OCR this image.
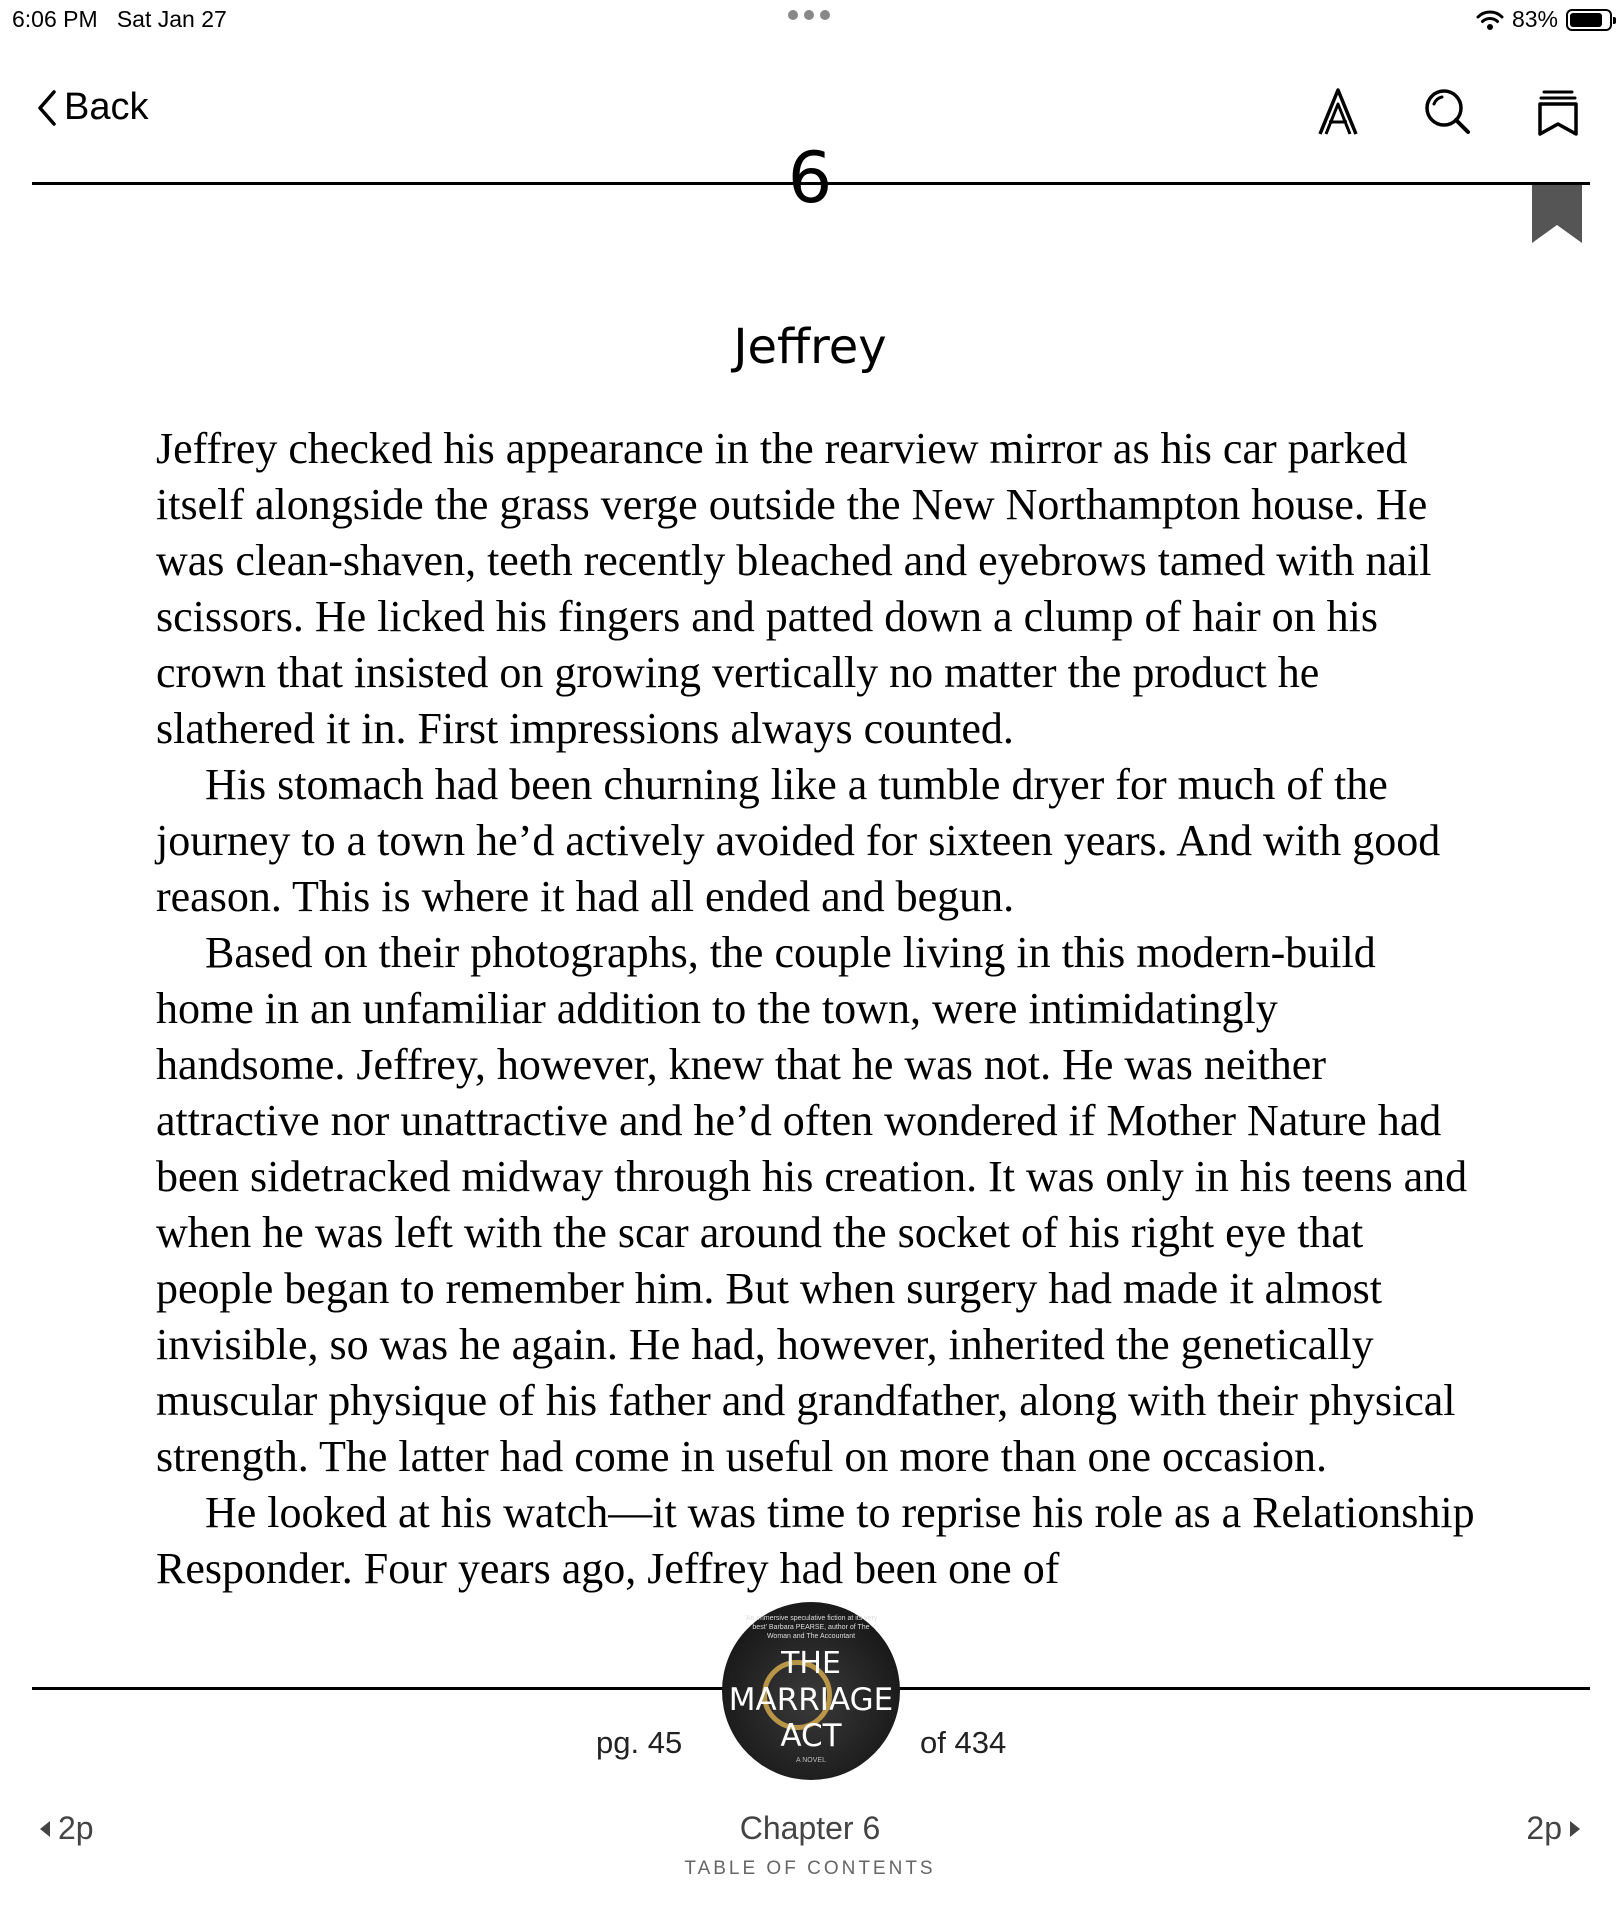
6:06 PM Sat Jan 27	83%
Back
6
Jeffrey

Jeffrey checked his appearance in the rearview mirror as his car parked itself alongside the grass verge outside the New Northampton house. He was clean-shaven, teeth recently bleached and eyebrows tamed with nail scissors. He licked his fingers and patted down a clump of hair on his crown that insisted on growing vertically no matter the product he slathered it in. First impressions always counted.

His stomach had been churning like a tumble dryer for much of the journey to a town he’d actively avoided for sixteen years. And with good reason. This is where it had all ended and begun.

Based on their photographs, the couple living in this modern-build home in an unfamiliar addition to the town, were intimidatingly handsome. Jeffrey, however, knew that he was not. He was neither attractive nor unattractive and he’d often wondered if Mother Nature had been sidetracked midway through his creation. It was only in his teens and when he was left with the scar around the socket of his right eye that people began to remember him. But when surgery had made it almost invisible, so was he again. He had, however, inherited the genetically muscular physique of his father and grandfather, along with their physical strength. The latter had come in useful on more than one occasion.

He looked at his watch—it was time to reprise his role as a Relationship Responder. Four years ago, Jeffrey had been one of

pg. 45
'An immersive speculative fiction at its very best' Barbara PEARSE, author of The Woman and The Accountant
THE
MARRIAGE
ACT
A NOVEL
of 434
2p	Chapter 6
TABLE OF CONTENTS
2p
